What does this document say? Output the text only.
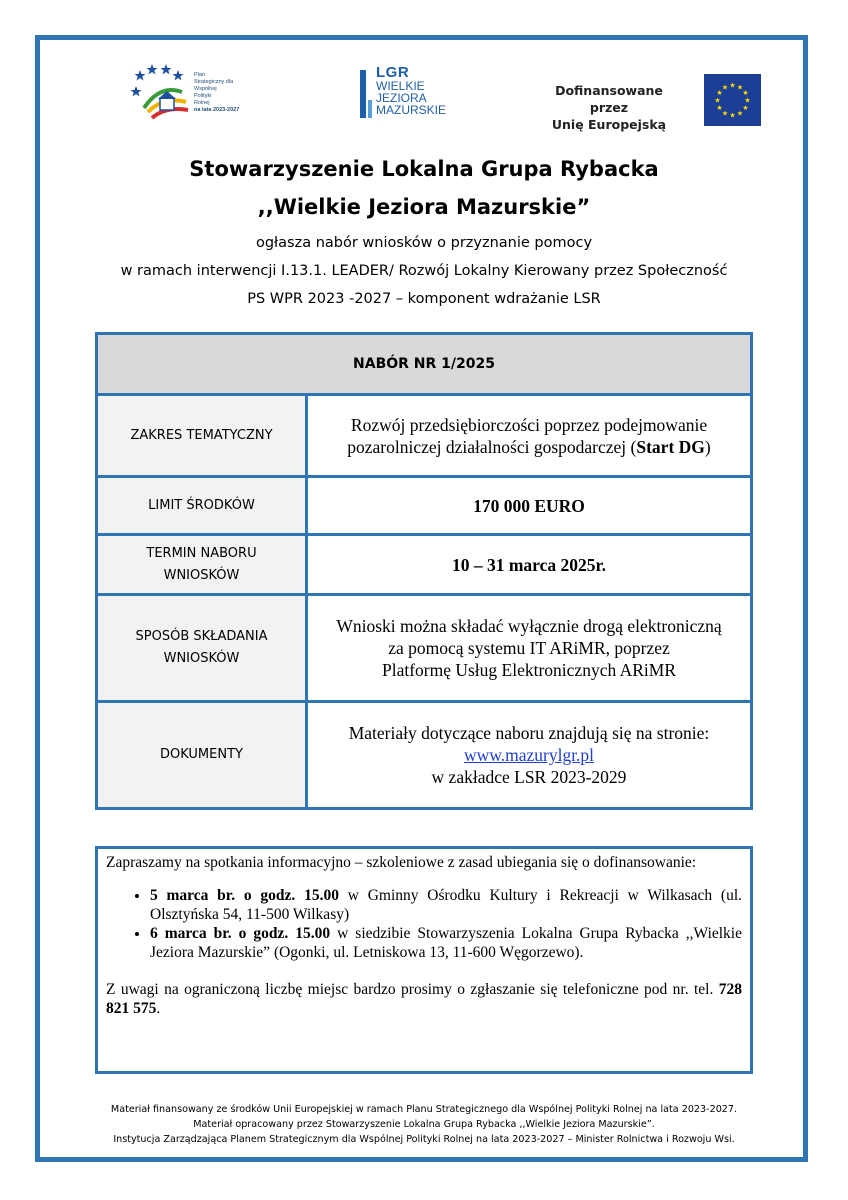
Plan
Strategiczny dla
Wspólnej
Polityki
Rolnej
na lata 2023-2027
LGR
WIELKIE
JEZIORA
MAZURSKIE
Dofinansowane przez
Unię Europejską
★ ★
★
★
★
★
★
★
★
★
★
★
Stowarzyszenie Lokalna Grupa Rybacka
,,Wielkie Jeziora Mazurskie”
ogłasza nabór wniosków o przyznanie pomocy
w ramach interwencji I.13.1. LEADER/ Rozwój Lokalny Kierowany przez Społeczność
PS WPR 2023 -2027 – komponent wdrażanie LSR
NABÓR NR 1/2025	
ZAKRES TEMATYCZNY	Rozwój przedsiębiorczości poprzez podejmowanie pozarolniczej działalności gospodarczej (Start DG)
LIMIT ŚRODKÓW	170 000 EURO
TERMIN NABORU WNIOSKÓW	10 – 31 marca 2025r.
SPOSÓB SKŁADANIA WNIOSKÓW	Wnioski można składać wyłącznie drogą elektroniczną
za pomocą systemu IT ARiMR, poprzez
Platformę Usług Elektronicznych ARiMR

DOKUMENTY	Materiały dotyczące naboru znajdują się na stronie:
www.mazurylgr.pl
w zakładce LSR 2023-2029

Zapraszamy na spotkania informacyjno – szkoleniowe z zasad ubiegania się o dofinansowanie:

• 5 marca br. o godz. 15.00 w Gminny Ośrodku Kultury i Rekreacji w Wilkasach (ul. Olsztyńska 54, 11-500 Wilkasy)
• 6 marca br. o godz. 15.00 w siedzibie Stowarzyszenia Lokalna Grupa Rybacka ,,Wielkie Jeziora Mazurskie” (Ogonki, ul. Letniskowa 13, 11-600 Węgorzewo).

Z uwagi na ograniczoną liczbę miejsc bardzo prosimy o zgłaszanie się telefoniczne pod nr. tel. 728 821 575.

Materiał finansowany ze środków Unii Europejskiej w ramach Planu Strategicznego dla Wspólnej Polityki Rolnej na lata 2023-2027.
Materiał opracowany przez Stowarzyszenie Lokalna Grupa Rybacka ,,Wielkie Jeziora Mazurskie”.
Instytucja Zarządzająca Planem Strategicznym dla Wspólnej Polityki Rolnej na lata 2023-2027 – Minister Rolnictwa i Rozwoju Wsi.
